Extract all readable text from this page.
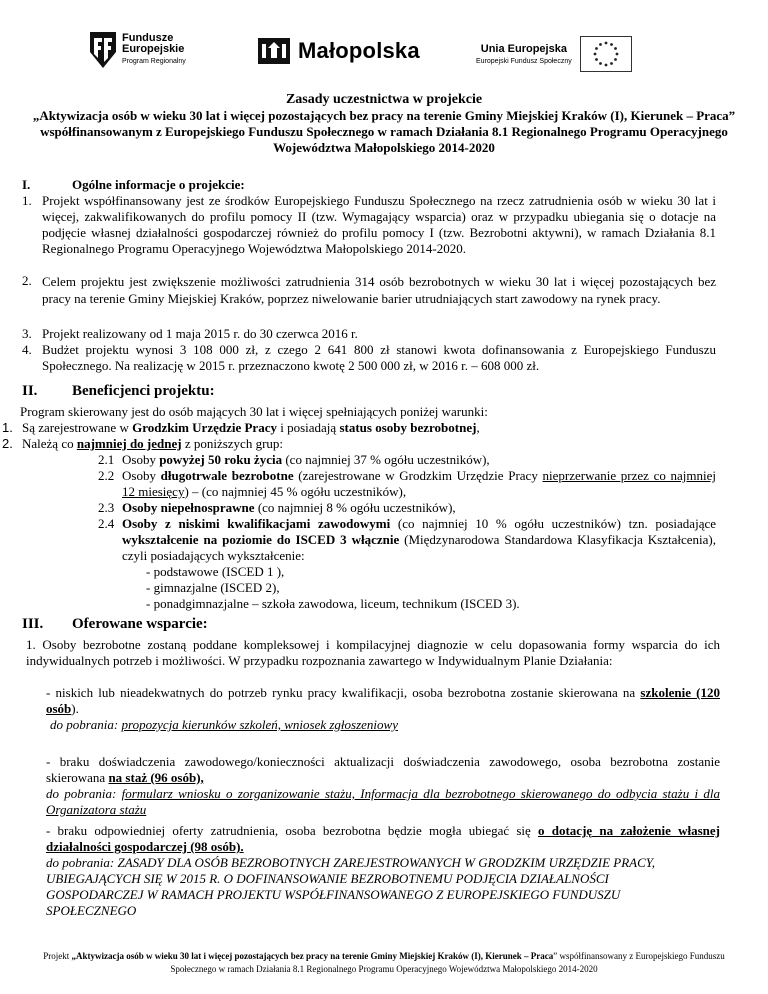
Fundusze
Europejskie
Program Regionalny	Małopolska	Unia Europejska
Europejski Fundusz Społeczny
Zasady uczestnictwa w projekcie
„Aktywizacja osób w wieku 30 lat i więcej pozostających bez pracy na terenie Gminy Miejskiej Kraków (I), Kierunek – Praca” współfinansowanym z Europejskiego Funduszu Społecznego w ramach Działania 8.1 Regionalnego Programu Operacyjnego Województwa Małopolskiego 2014-2020
I.	Ogólne informacje o projekcie:
1. Projekt współfinansowany jest ze środków Europejskiego Funduszu Społecznego na rzecz zatrudnienia osób w wieku 30 lat i więcej, zakwalifikowanych do profilu pomocy II (tzw. Wymagający wsparcia) oraz w przypadku ubiegania się o dotacje na podjęcie własnej działalności gospodarczej również do profilu pomocy I (tzw. Bezrobotni aktywni), w ramach Działania 8.1 Regionalnego Programu Operacyjnego Województwa Małopolskiego 2014-2020.
2. Celem projektu jest zwiększenie możliwości zatrudnienia 314 osób bezrobotnych w wieku 30 lat i więcej pozostających bez pracy na terenie Gminy Miejskiej Kraków, poprzez niwelowanie barier utrudniających start zawodowy na rynek pracy.
3. Projekt realizowany od 1 maja 2015 r. do 30 czerwca 2016 r.
4. Budżet projektu wynosi 3 108 000 zł, z czego 2 641 800 zł stanowi kwota dofinansowania z Europejskiego Funduszu Społecznego. Na realizację w 2015 r. przeznaczono kwotę 2 500 000 zł, w 2016 r. – 608 000 zł.
II. Beneficjenci projektu:
Program skierowany jest do osób mających 30 lat i więcej spełniających poniżej warunki:
1. Są zarejestrowane w Grodzkim Urzędzie Pracy i posiadają status osoby bezrobotnej,
2. Należą co najmniej do jednej z poniższych grup:
2.1 Osoby powyżej 50 roku życia (co najmniej 37 % ogółu uczestników),
2.2 Osoby długotrwale bezrobotne (zarejestrowane w Grodzkim Urzędzie Pracy nieprzerwanie przez co najmniej 12 miesięcy) – (co najmniej 45 % ogółu uczestników),
2.3 Osoby niepełnosprawne (co najmniej 8 % ogółu uczestników),
2.4 Osoby z niskimi kwalifikacjami zawodowymi (co najmniej 10 % ogółu uczestników) tzn. posiadające wykształcenie na poziomie do ISCED 3 włącznie (Międzynarodowa Standardowa Klasyfikacja Kształcenia), czyli posiadających wykształcenie:
- podstawowe (ISCED 1 ),
- gimnazjalne (ISCED 2),
- ponadgimnazjalne – szkoła zawodowa, liceum, technikum (ISCED 3).
III. Oferowane wsparcie:
1. Osoby bezrobotne zostaną poddane kompleksowej i kompilacyjnej diagnozie w celu dopasowania formy wsparcia do ich indywidualnych potrzeb i możliwości. W przypadku rozpoznania zawartego w Indywidualnym Planie Działania:
- niskich lub nieadekwatnych do potrzeb rynku pracy kwalifikacji, osoba bezrobotna zostanie skierowana na szkolenie (120 osób).
do pobrania: propozycja kierunków szkoleń, wniosek zgłoszeniowy
- braku doświadczenia zawodowego/konieczności aktualizacji doświadczenia zawodowego, osoba bezrobotna zostanie skierowana na staż (96 osób),
do pobrania: formularz wniosku o zorganizowanie stażu, Informacja dla bezrobotnego skierowanego do odbycia stażu i dla Organizatora stażu
- braku odpowiedniej oferty zatrudnienia, osoba bezrobotna będzie mogła ubiegać się o dotację na założenie własnej działalności gospodarczej (98 osób).
do pobrania: ZASADY DLA OSÓB BEZROBOTNYCH ZAREJESTROWANYCH W GRODZKIM URZĘDZIE PRACY, UBIEGAJĄCYCH SIĘ W 2015 R. O DOFINANSOWANIE BEZROBOTNEMU PODJĘCIA DZIAŁALNOŚCI GOSPODARCZEJ W RAMACH PROJEKTU WSPÓŁFINANSOWANEGO Z EUROPEJSKIEGO FUNDUSZU SPOŁECZNEGO
Projekt „Aktywizacja osób w wieku 30 lat i więcej pozostających bez pracy na terenie Gminy Miejskiej Kraków (I), Kierunek – Praca” współfinansowany z Europejskiego Funduszu Społecznego w ramach Działania 8.1 Regionalnego Programu Operacyjnego Województwa Małopolskiego 2014-2020
